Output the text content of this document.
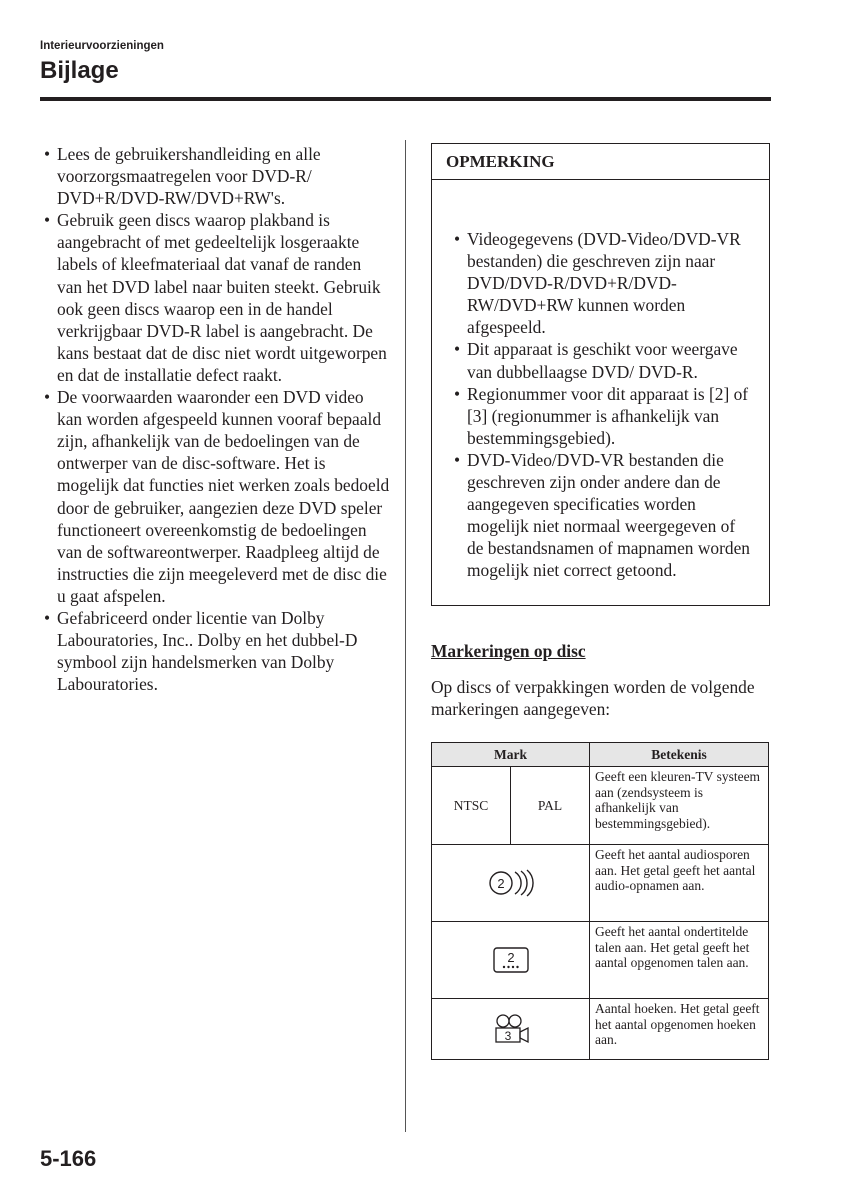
Interieurvoorzieningen
Bijlage
• Lees de gebruikershandleiding en alle voorzorgsmaatregelen voor DVD-R/ DVD+R/DVD-RW/DVD+RW's.
• Gebruik geen discs waarop plakband is aangebracht of met gedeeltelijk losgeraakte labels of kleefmateriaal dat vanaf de randen van het DVD label naar buiten steekt. Gebruik ook geen discs waarop een in de handel verkrijgbaar DVD-R label is aangebracht. De kans bestaat dat de disc niet wordt uitgeworpen en dat de installatie defect raakt.
• De voorwaarden waaronder een DVD video kan worden afgespeeld kunnen vooraf bepaald zijn, afhankelijk van de bedoelingen van de ontwerper van de disc-software. Het is mogelijk dat functies niet werken zoals bedoeld door de gebruiker, aangezien deze DVD speler functioneert overeenkomstig de bedoelingen van de softwareontwerper. Raadpleeg altijd de instructies die zijn meegeleverd met de disc die u gaat afspelen.
• Gefabriceerd onder licentie van Dolby Labouratories, Inc.. Dolby en het dubbel-D symbool zijn handelsmerken van Dolby Labouratories.
OPMERKING
• Videogegevens (DVD-Video/DVD-VR bestanden) die geschreven zijn naar DVD/DVD-R/DVD+R/DVD-RW/DVD+RW kunnen worden afgespeeld.
• Dit apparaat is geschikt voor weergave van dubbellaagse DVD/ DVD-R.
• Regionummer voor dit apparaat is [2] of [3] (regionummer is afhankelijk van bestemmingsgebied).
• DVD-Video/DVD-VR bestanden die geschreven zijn onder andere dan de aangegeven specificaties worden mogelijk niet normaal weergegeven of de bestandsnamen of mapnamen worden mogelijk niet correct getoond.
Markeringen op disc

Op discs of verpakkingen worden de volgende markeringen aangegeven:

Mark		Betekenis
NTSC	PAL	Geeft een kleuren-TV systeem aan (zendsysteem is afhankelijk van bestemmingsgebied).

2		Geeft het aantal audiosporen aan. Het getal geeft het aantal audio-opnamen aan.

2		Geeft het aantal ondertitelde talen aan. Het getal geeft het aantal opgenomen talen aan.

3		Aantal hoeken. Het getal geeft het aantal opgenomen hoeken aan.
5-166
